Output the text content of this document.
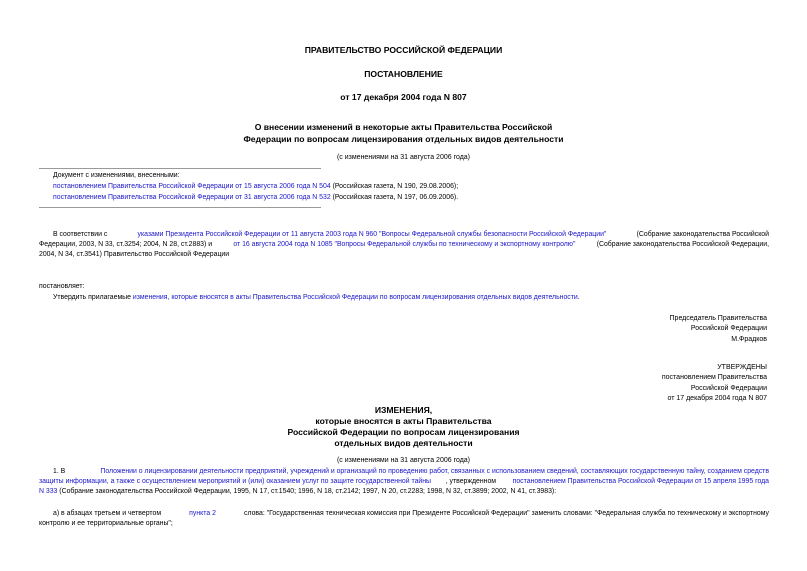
ПРАВИТЕЛЬСТВО РОССИЙСКОЙ ФЕДЕРАЦИИ
ПОСТАНОВЛЕНИЕ
от 17 декабря 2004 года N 807
О внесении изменений в некоторые акты Правительства Российской
Федерации по вопросам лицензирования отдельных видов деятельности
(с изменениями на 31 августа 2006 года)
Документ с изменениями, внесенными:
постановлением Правительства Российской Федерации от 15 августа 2006 года N 504 (Российская газета, N 190, 29.08.2006);
постановлением Правительства Российской Федерации от 31 августа 2006 года N 532 (Российская газета, N 197, 06.09.2006).
В соответствии с	указами Президента Российской Федерации от 11 августа 2003 года N 960 "Вопросы Федеральной службы безопасности Российской Федерации"	(Собрание законодательства Российской
Федерации, 2003, N 33, ст.3254; 2004, N 28, ст.2883) и	от 16 августа 2004 года N 1085 "Вопросы Федеральной службы по техническому и экспортному контролю"	(Собрание законодательства Российской Федерации,
2004, N 34, ст.3541) Правительство Российской Федерации
постановляет:
Утвердить прилагаемые изменения, которые вносятся в акты Правительства Российской Федерации по вопросам лицензирования отдельных видов деятельности.
Председатель Правительства
Российской Федерации
М.Фрадков
УТВЕРЖДЕНЫ
постановлением Правительства
Российской Федерации
от 17 декабря 2004 года N 807
ИЗМЕНЕНИЯ,
которые вносятся в акты Правительства
Российской Федерации по вопросам лицензирования
отдельных видов деятельности
(с изменениями на 31 августа 2006 года)
1. В	Положении о лицензировании деятельности предприятий, учреждений и организаций по проведению работ, связанных с использованием сведений, составляющих государственную тайну, созданием средств
защиты информации, а также с осуществлением мероприятий и (или) оказанием услуг по защите государственной тайны , утвержденном постановлением Правительства Российской Федерации от 15 апреля 1995 года
N 333 (Собрание законодательства Российской Федерации, 1995, N 17, ст.1540; 1996, N 18, ст.2142; 1997, N 20, ст.2283; 1998, N 32, ст.3899; 2002, N 41, ст.3983):
а) в абзацах третьем и четвертом	пункта 2	слова: "Государственная техническая комиссия при Президенте Российской Федерации" заменить словами: "Федеральная служба по техническому и экспортному
контролю и ее территориальные органы";
